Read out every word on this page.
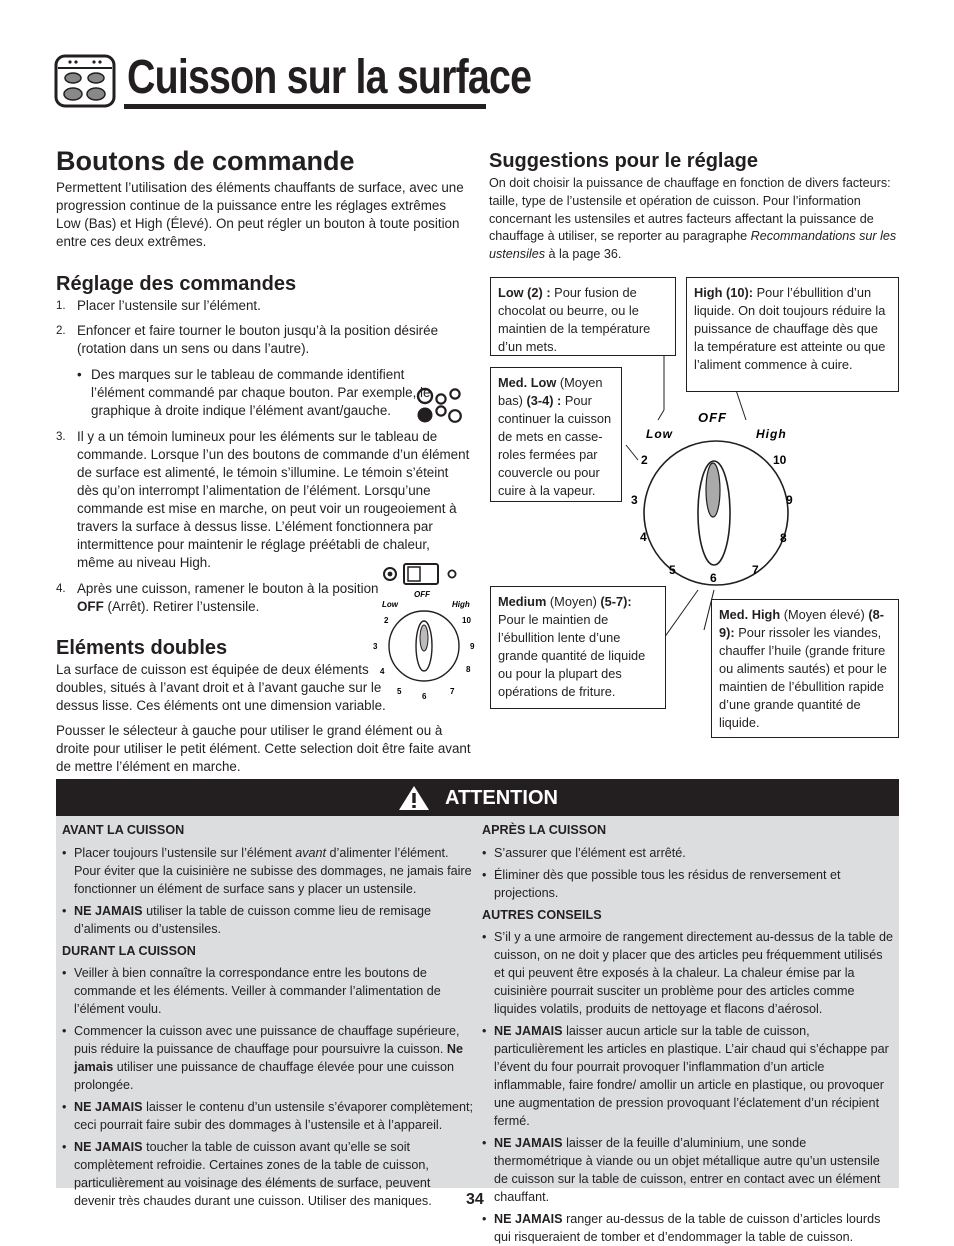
Cuisson sur la surface
Boutons de commande
Permettent l’utilisation des éléments chauffants de surface, avec une progression continue de la puissance entre les réglages extrêmes Low (Bas) et High (Élevé). On peut régler un bouton à toute position entre ces deux extrêmes.
Réglage des commandes
1. Placer l’ustensile sur l’élément.
2. Enfoncer et faire tourner le bouton jusqu’à la position désirée (rotation dans un sens ou dans l’autre).
• Des marques sur le tableau de commande identifient l’élément commandé par chaque bouton. Par exemple, le graphique à droite indique l’élément avant/gauche.
3. Il y a un témoin lumineux pour les éléments sur le tableau de commande. Lorsque l’un des boutons de commande d’un élément de surface est alimenté, le témoin s’illumine. Le témoin s’éteint dès qu’on interrompt l’alimentation de l’élément. Lorsqu’une commande est mise en marche, on peut voir un rougeoiement à travers la surface à dessus lisse. L’élément fonctionnera par intermittence pour maintenir le réglage préétabli de chaleur, même au niveau High.
4. Après une cuisson, ramener le bouton à la position OFF (Arrêt). Retirer l’ustensile.
OFF
Low	High
2
3
4
5
6
7
8
9
10
Eléments doubles
La surface de cuisson est équipée de deux éléments doubles, situés à l’avant droit et à l’avant gauche sur le dessus lisse. Ces éléments ont une dimension variable.
Pousser le sélecteur à gauche pour utiliser le grand élément ou à droite pour utiliser le petit élément. Cette selection doit être faite avant de mettre l’élément en marche.
Suggestions pour le réglage
On doit choisir la puissance de chauffage en fonction de divers facteurs: taille, type de l’ustensile et opération de cuisson. Pour l’information concernant les ustensiles et autres facteurs affectant la puissance de chauffage à utiliser, se reporter au paragraphe Recommandations sur les ustensiles à la page 36.
OFF
Low	High
2
3
4
5
6
7
8
9
10
Low (2) : Pour fusion de chocolat ou beurre, ou le maintien de la température d’un mets.
Med. Low (Moyen bas) (3-4) : Pour continuer la cuisson de mets en casse-roles fermées par couvercle ou pour cuire à la vapeur.
High (10): Pour l’ébullition d’un liquide. On doit toujours réduire la puissance de chauffage dès que la température est atteinte ou que l’aliment commence à cuire.
Medium (Moyen) (5-7): Pour le maintien de l’ébullition lente d’une grande quantité de liquide ou pour la plupart des opérations de friture.
Med. High (Moyen élevé) (8-9): Pour rissoler les viandes, chauffer l’huile (grande friture ou aliments sautés) et pour le maintien de l’ébullition rapide d’une grande quantité de liquide.
ATTENTION

AVANT LA CUISSON

• Placer toujours l’ustensile sur l’élément avant d’alimenter l’élément. Pour éviter que la cuisinière ne subisse des dommages, ne jamais faire fonctionner un élément de surface sans y placer un ustensile.
• NE JAMAIS utiliser la table de cuisson comme lieu de remisage d’aliments ou d’ustensiles.

DURANT LA CUISSON

• Veiller à bien connaître la correspondance entre les boutons de commande et les éléments. Veiller à commander l’alimentation de l’élément voulu.
• Commencer la cuisson avec une puissance de chauffage supérieure, puis réduire la puissance de chauffage pour poursuivre la cuisson. Ne jamais utiliser une puissance de chauffage élevée pour une cuisson prolongée.
• NE JAMAIS laisser le contenu d’un ustensile s’évaporer complètement; ceci pourrait faire subir des dommages à l’ustensile et à l’appareil.
• NE JAMAIS toucher la table de cuisson avant qu’elle se soit complètement refroidie. Certaines zones de la table de cuisson, particulièrement au voisinage des éléments de surface, peuvent devenir très chaudes durant une cuisson. Utiliser des maniques.

APRÈS LA CUISSON

• S’assurer que l’élément est arrêté.
• Éliminer dès que possible tous les résidus de renversement et projections.

AUTRES CONSEILS

• S’il y a une armoire de rangement directement au-dessus de la table de cuisson, on ne doit y placer que des articles peu fréquemment utilisés et qui peuvent être exposés à la chaleur. La chaleur émise par la cuisinière pourrait susciter un problème pour des articles comme liquides volatils, produits de nettoyage et flacons d’aérosol.
• NE JAMAIS laisser aucun article sur la table de cuisson, particulièrement les articles en plastique. L’air chaud qui s’échappe par l’évent du four pourrait provoquer l’inflammation d’un article inflammable, faire fondre/ amollir un article en plastique, ou provoquer une augmentation de pression provoquant l’éclatement d’un récipient fermé.
• NE JAMAIS laisser de la feuille d’aluminium, une sonde thermométrique à viande ou un objet métallique autre qu’un ustensile de cuisson sur la table de cuisson, entrer en contact avec un élément chauffant.
• NE JAMAIS ranger au-dessus de la table de cuisson d’articles lourds qui risqueraient de tomber et d’endommager la table de cuisson.
34
